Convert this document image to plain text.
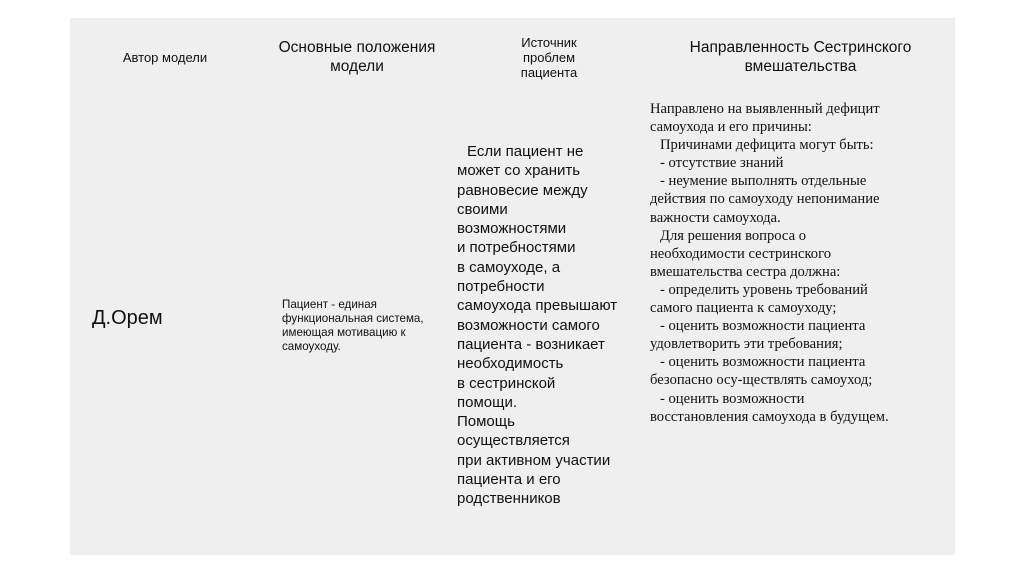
Автор модели
Основные положения
модели
Источник
проблем
пациента
Направленность Сестринского
вмешательства
Д.Орем
Пациент - единая
функциональная система,
имеющая мотивацию к
самоуходу.
Если пациент не
может со хранить
равновесие между
своими
возможностями
и потребностями
в самоуходе, а
потребности
самоухода превышают
возможности самого
пациента - возникает
необходимость
в сестринской
помощи.
Помощь
осуществляется
при активном участии
пациента и его
родственников
Направлено на выявленный дефицит
самоухода и его причины:
Причинами дефицита могут быть:
- отсутствие знаний
- неумение выполнять отдельные
действия по самоуходу непонимание
важности самоухода.
Для решения вопроса о
необходимости сестринского
вмешательства сестра должна:
- определить уровень требований
самого пациента к самоуходу;
- оценить возможности пациента
удовлетворить эти требования;
- оценить возможности пациента
безопасно осу-ществлять самоуход;
- оценить возможности
восстановления самоухода в будущем.
